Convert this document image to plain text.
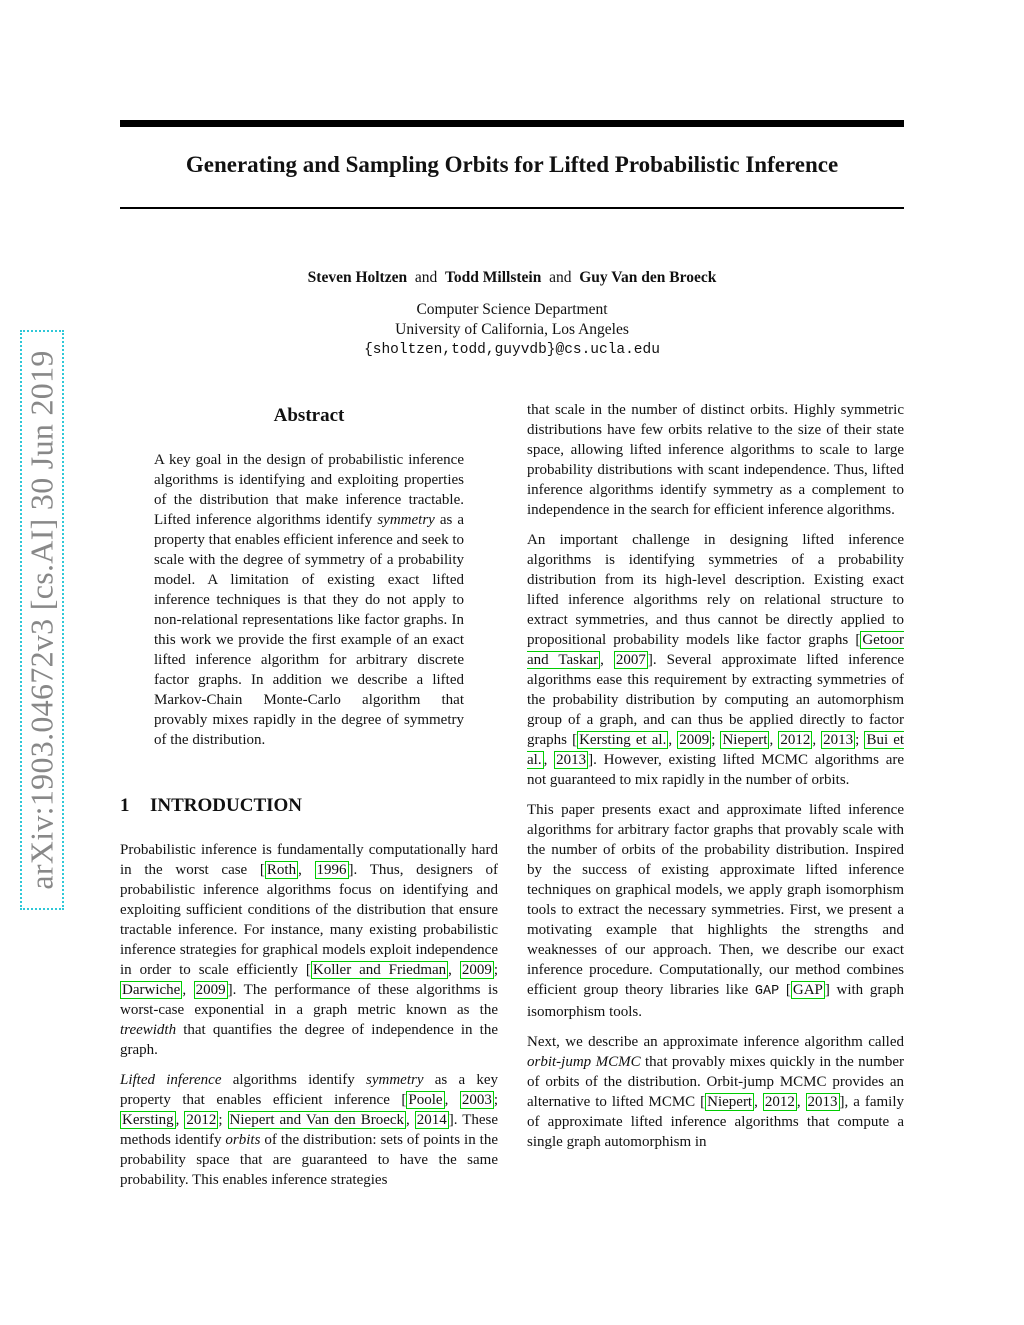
Generating and Sampling Orbits for Lifted Probabilistic Inference
arXiv:1903.04672v3 [cs.AI] 30 Jun 2019
Steven Holtzen and Todd Millstein and Guy Van den Broeck
Computer Science Department
University of California, Los Angeles
{sholtzen,todd,guyvdb}@cs.ucla.edu
Abstract
A key goal in the design of probabilistic inference algorithms is identifying and exploiting properties of the distribution that make inference tractable. Lifted inference algorithms identify symmetry as a property that enables efficient inference and seek to scale with the degree of symmetry of a probability model. A limitation of existing exact lifted inference techniques is that they do not apply to non-relational representations like factor graphs. In this work we provide the first example of an exact lifted inference algorithm for arbitrary discrete factor graphs. In addition we describe a lifted Markov-Chain Monte-Carlo algorithm that provably mixes rapidly in the degree of symmetry of the distribution.
1 INTRODUCTION

Probabilistic inference is fundamentally computationally hard in the worst case [ Roth , 1996 ]. Thus, designers of probabilistic inference algorithms focus on identifying and exploiting sufficient conditions of the distribution that ensure tractable inference. For instance, many existing probabilistic inference strategies for graphical models exploit independence in order to scale efficiently [ Koller and Friedman , 2009 ; Darwiche , 2009 ]. The performance of these algorithms is worst-case exponential in a graph metric known as the treewidth that quantifies the degree of independence in the graph.

Lifted inference algorithms identify symmetry as a key property that enables efficient inference [ Poole , 2003 ; Kersting , 2012 ; Niepert and Van den Broeck , 2014 ]. These methods identify orbits of the distribution: sets of points in the probability space that are guaranteed to have the same probability. This enables inference strategies

that scale in the number of distinct orbits. Highly symmetric distributions have few orbits relative to the size of their state space, allowing lifted inference algorithms to scale to large probability distributions with scant independence. Thus, lifted inference algorithms identify symmetry as a complement to independence in the search for efficient inference algorithms.

An important challenge in designing lifted inference algorithms is identifying symmetries of a probability distribution from its high-level description. Existing exact lifted inference algorithms rely on relational structure to extract symmetries, and thus cannot be directly applied to propositional probability models like factor graphs [ Getoor and Taskar , 2007 ]. Several approximate lifted inference algorithms ease this requirement by extracting symmetries of the probability distribution by computing an automorphism group of a graph, and can thus be applied directly to factor graphs [ Kersting et al. , 2009 ; Niepert , 2012 , 2013 ; Bui et al. , 2013 ]. However, existing lifted MCMC algorithms are not guaranteed to mix rapidly in the number of orbits.

This paper presents exact and approximate lifted inference algorithms for arbitrary factor graphs that provably scale with the number of orbits of the probability distribution. Inspired by the success of existing approximate lifted inference techniques on graphical models, we apply graph isomorphism tools to extract the necessary symmetries. First, we present a motivating example that highlights the strengths and weaknesses of our approach. Then, we describe our exact inference procedure. Computationally, our method combines efficient group theory libraries like GAP [ GAP ] with graph isomorphism tools.

Next, we describe an approximate inference algorithm called orbit-jump MCMC that provably mixes quickly in the number of orbits of the distribution. Orbit-jump MCMC provides an alternative to lifted MCMC [ Niepert , 2012 , 2013 ], a family of approximate lifted inference algorithms that compute a single graph automorphism in
